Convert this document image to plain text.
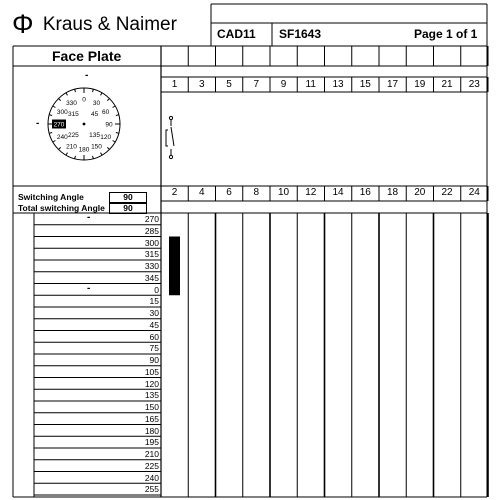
0 30
60
90
120
150
180
210
240
270
300
330
45
135
225
315
Φ Kraus & Naimer	CAD11 SF1643	Page 1 of 1
Face Plate
-
-
1	3	5	7	9	11	13	15	17	19	21	23
2	4	6	8	10	12	14	16	18	20	22	24
Switching Angle	90
Total switching Angle	90
270
-
285
300
315
330
345
0
-
15
30
45
60
75
90
105
120
135
150
165
180
195
210
225
240
255
